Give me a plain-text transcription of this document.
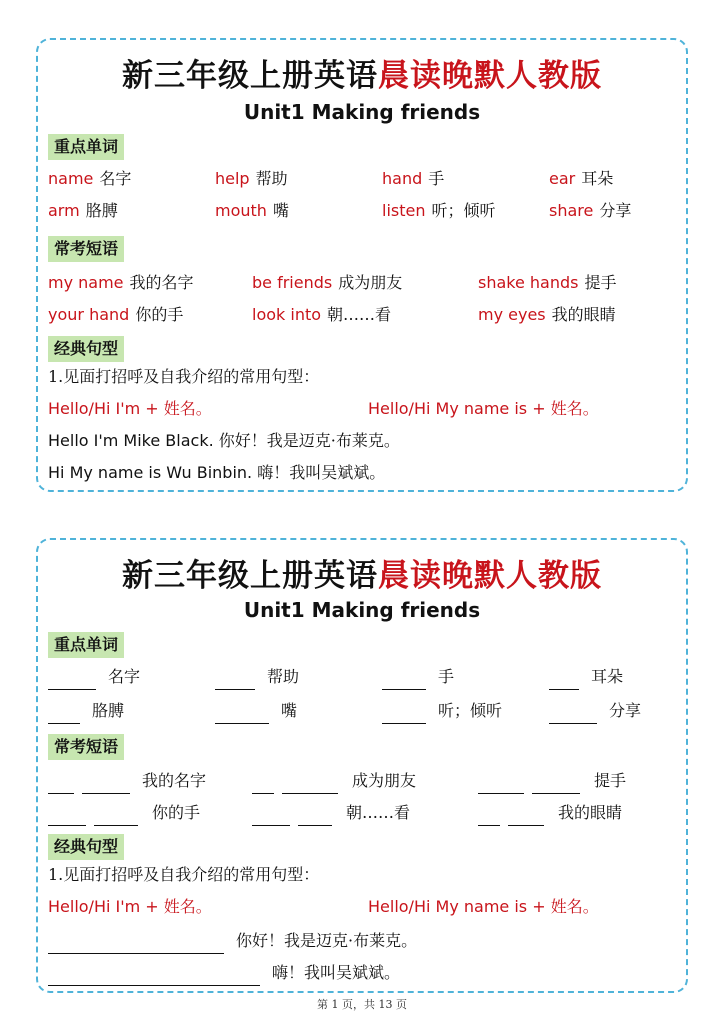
新三年级上册英语晨读晚默人教版
Unit1 Making friends
重点单词
name 名字	help 帮助	hand 手	ear 耳朵
arm 胳膊	mouth 嘴	listen 听；倾听	share 分享
常考短语
my name 我的名字	be friends 成为朋友	shake hands 提手
your hand 你的手	look into 朝……看	my eyes 我的眼睛
经典句型
1.见面打招呼及自我介绍的常用句型：
Hello/Hi I'm + 姓名。	Hello/Hi My name is + 姓名。
Hello I'm Mike Black. 你好！我是迈克·布莱克。
Hi My name is Wu Binbin. 嗨！我叫吴斌斌。
新三年级上册英语晨读晚默人教版
Unit1 Making friends
重点单词
名字	帮助	手	耳朵
胳膊	嘴	听；倾听	分享
常考短语
我的名字	成为朋友	提手
你的手	朝……看	我的眼睛
经典句型
1.见面打招呼及自我介绍的常用句型：
Hello/Hi I'm + 姓名。	Hello/Hi My name is + 姓名。
你好！我是迈克·布莱克。
嗨！我叫吴斌斌。
第 1 页，共 13 页
